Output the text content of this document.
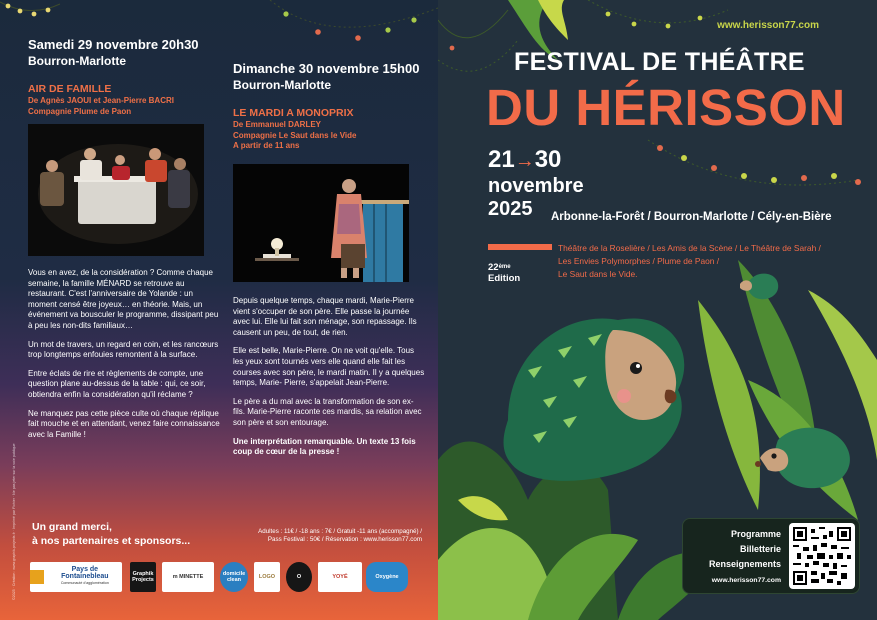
Samedi 29 novembre 20h30
Bourron-Marlotte
AIR DE FAMILLE
De Agnès JAOUI et Jean-Pierre BACRI
Compagnie Plume de Paon

Vous en avez, de la considération ? Comme chaque semaine, la famille MÉNARD se retrouve au restaurant. C'est l'anniversaire de Yolande : un moment censé être joyeux… en théorie. Mais, un événement va bousculer le programme, dissipant peu à peu les non-dits familiaux…

Un mot de travers, un regard en coin, et les rancœurs trop longtemps enfouies remontent à la surface.

Entre éclats de rire et règlements de compte, une question plane au-dessus de la table : qui, ce soir, obtiendra enfin la considération qu'il réclame ?

Ne manquez pas cette pièce culte où chaque réplique fait mouche et en attendant, venez faire connaissance avec la Famille !

Dimanche 30 novembre 15h00
Bourron-Marlotte
LE MARDI A MONOPRIX
De Emmanuel DARLEY
Compagnie Le Saut dans le Vide
A partir de 11 ans

Depuis quelque temps, chaque mardi, Marie-Pierre vient s'occuper de son père. Elle passe la journée avec lui. Elle lui fait son ménage, son repassage. Ils causent un peu, de tout, de rien.

Elle est belle, Marie-Pierre. On ne voit qu'elle. Tous les yeux sont tournés vers elle quand elle fait les courses avec son père, le mardi matin. Il y a quelques temps, Marie- Pierre, s'appelait Jean-Pierre.

Le père a du mal avec la transformation de son ex-fils. Marie-Pierre raconte ces mardis, sa relation avec son père et son entourage.

Une interprétation remarquable. Un texte 13 fois coup de cœur de la presse !

Un grand merci,
à nos partenaires et sponsors...
Adultes : 11€ / -18 ans : 7€ / Gratuit -11 ans (accompagné) /
Pass Festival : 50€ / Réservation : www.herisson77.com
©2025 · Création : www.graphik-projects.fr · Imprimé par Fichier · Ne pas jeter sur la voie publique	Pays de Fontainebleau
Communauté d'agglomération
Graphik Projects
m MINETTE
domicile clean
LOGO	O	YOYÉ	Oxygène
www.herisson77.com
FESTIVAL DE THÉÂTRE
DU HÉRISSON
21→30
novembre
2025	Arbonne-la-Forêt / Bourron-Marlotte / Cély-en-Bière
22ème
Edition
Théâtre de la Roselière / Les Amis de la Scène / Le Théâtre de Sarah /
Les Envies Polymorphes / Plume de Paon /
Le Saut dans le Vide.
Programme
Billetterie
Renseignements
www.herisson77.com
